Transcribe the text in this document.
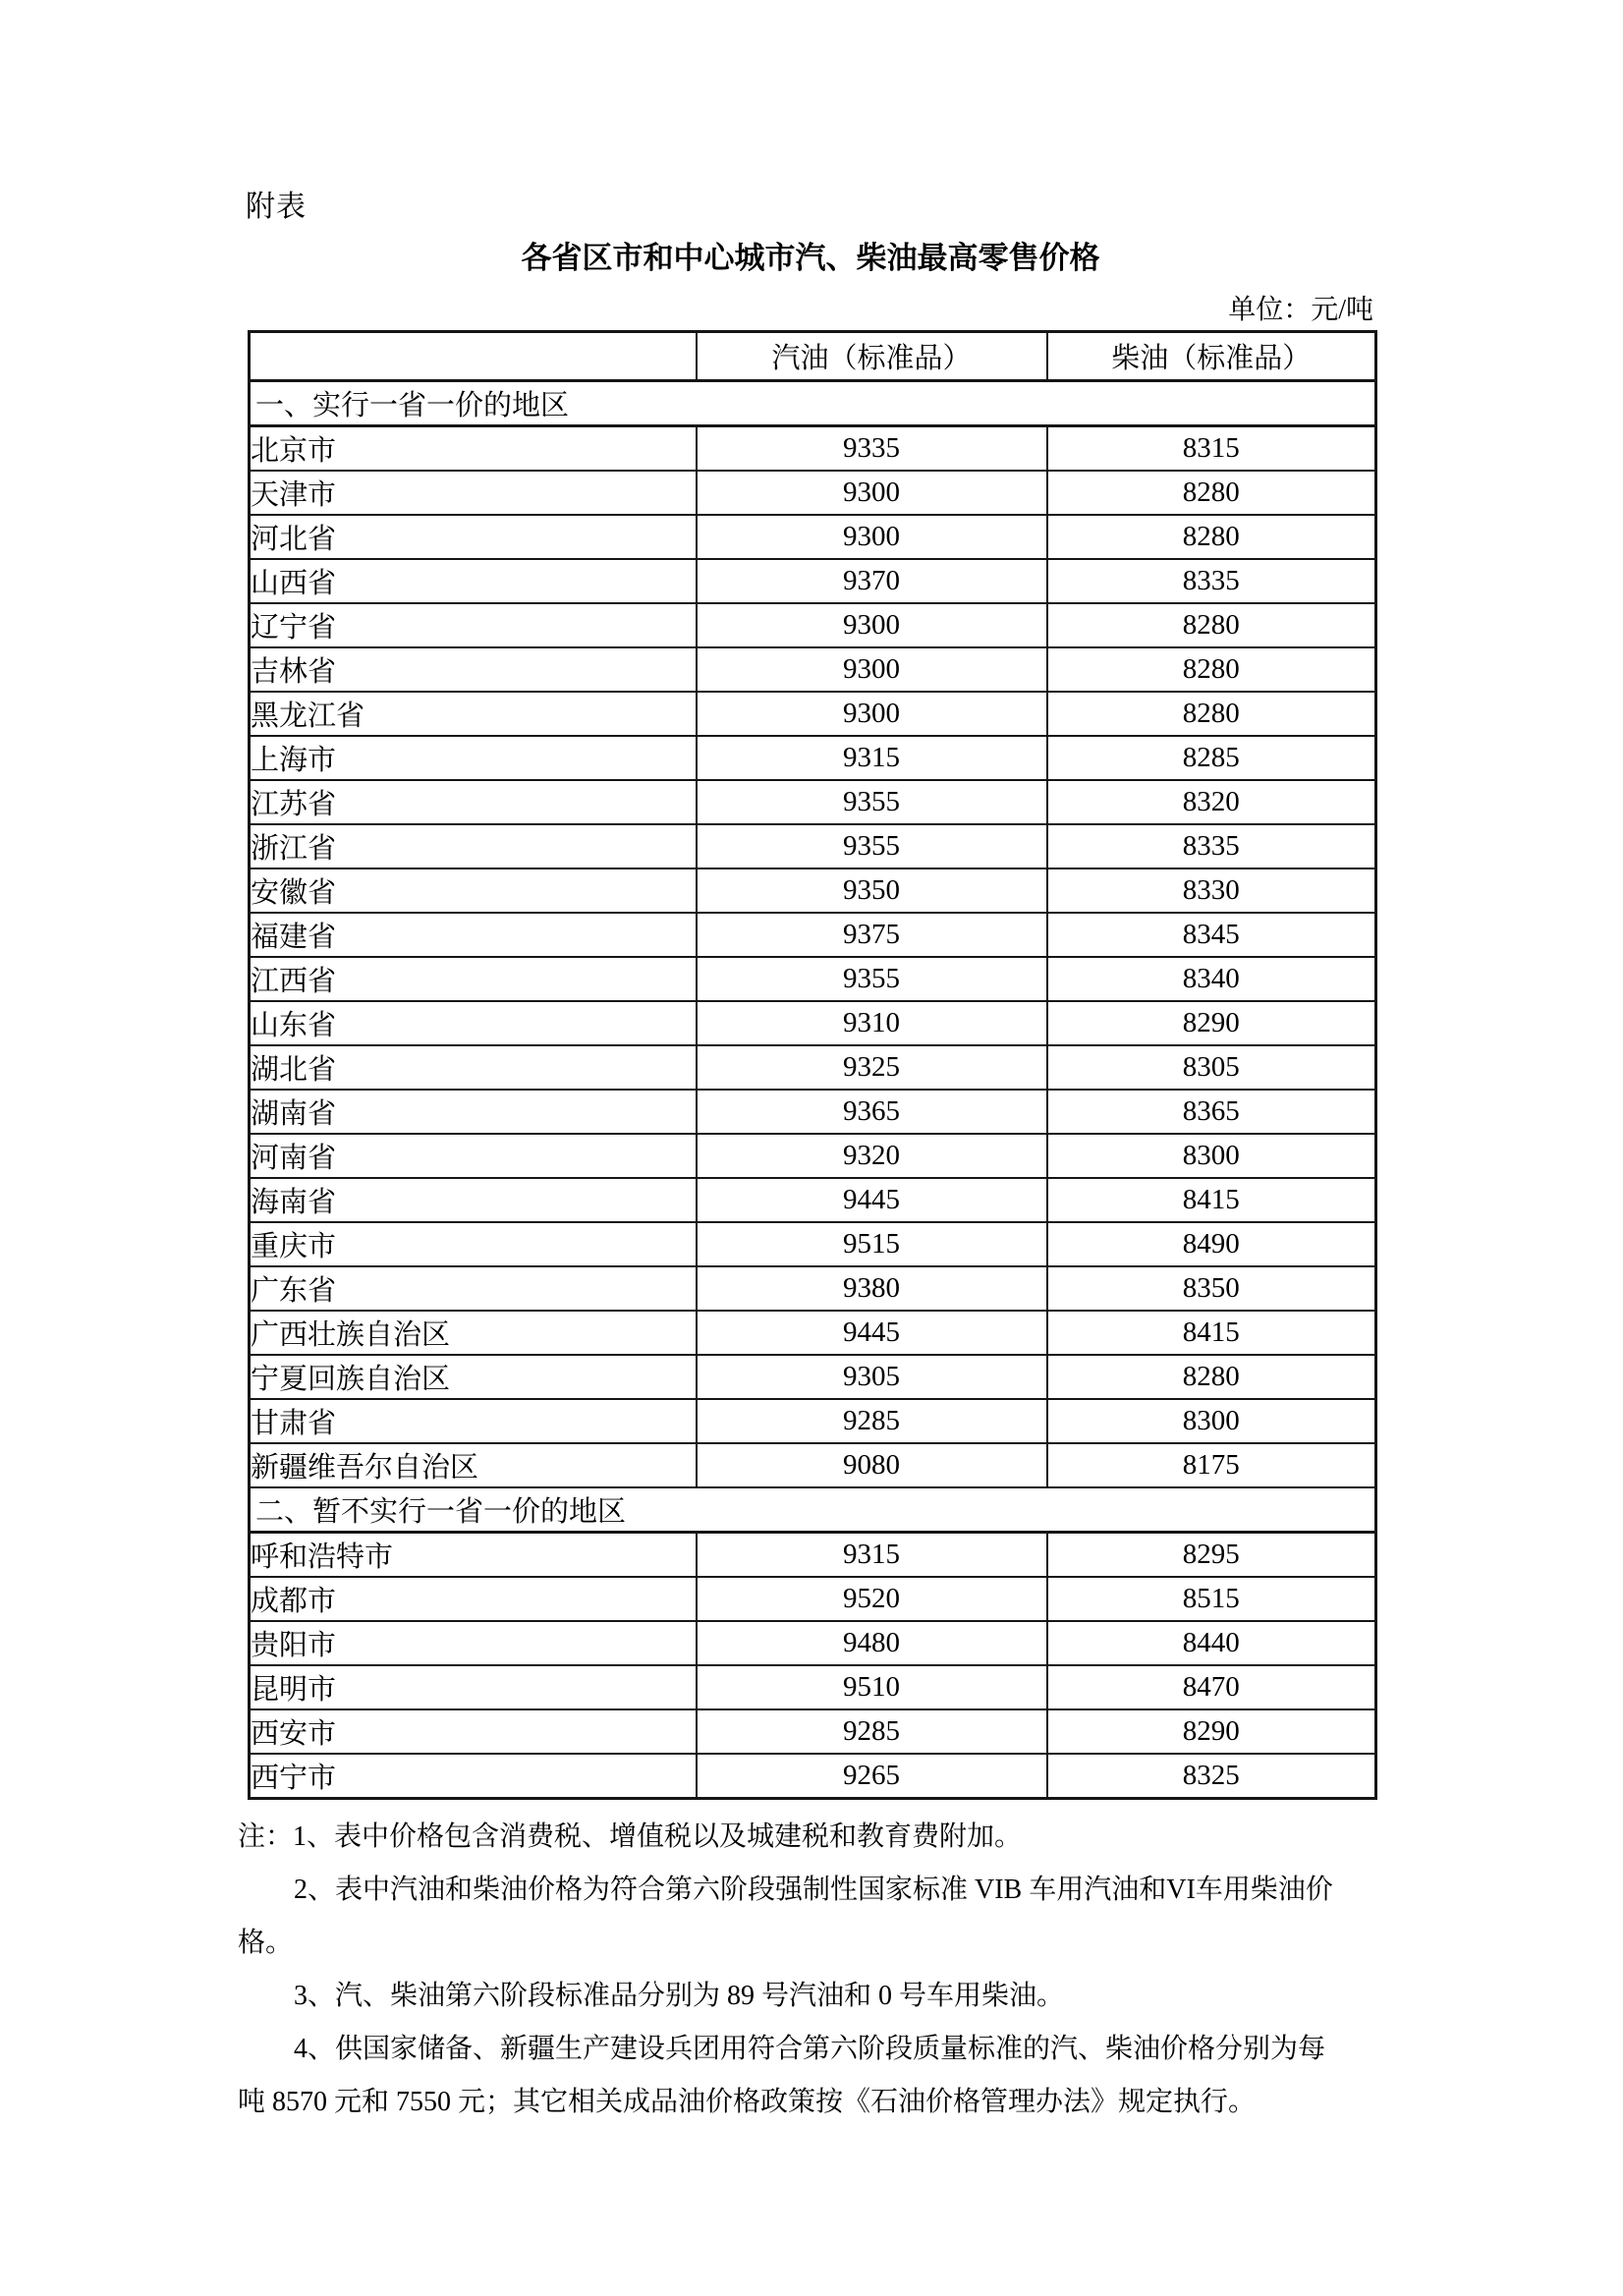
附表
各省区市和中心城市汽、柴油最高零售价格
单位：元/吨
	汽油（标准品）	柴油（标准品）
一、实行一省一价的地区		
北京市	9335	8315
天津市	9300	8280
河北省	9300	8280
山西省	9370	8335
辽宁省	9300	8280
吉林省	9300	8280
黑龙江省	9300	8280
上海市	9315	8285
江苏省	9355	8320
浙江省	9355	8335
安徽省	9350	8330
福建省	9375	8345
江西省	9355	8340
山东省	9310	8290
湖北省	9325	8305
湖南省	9365	8365
河南省	9320	8300
海南省	9445	8415
重庆市	9515	8490
广东省	9380	8350
广西壮族自治区	9445	8415
宁夏回族自治区	9305	8280
甘肃省	9285	8300
新疆维吾尔自治区	9080	8175
二、暂不实行一省一价的地区		
呼和浩特市	9315	8295
成都市	9520	8515
贵阳市	9480	8440
昆明市	9510	8470
西安市	9285	8290
西宁市	9265	8325
注：1、表中价格包含消费税、增值税以及城建税和教育费附加。
2、表中汽油和柴油价格为符合第六阶段强制性国家标准 VIB 车用汽油和VI车用柴油价
格。
3、汽、柴油第六阶段标准品分别为 89 号汽油和 0 号车用柴油。
4、供国家储备、新疆生产建设兵团用符合第六阶段质量标准的汽、柴油价格分别为每
吨 8570 元和 7550 元；其它相关成品油价格政策按《石油价格管理办法》规定执行。
